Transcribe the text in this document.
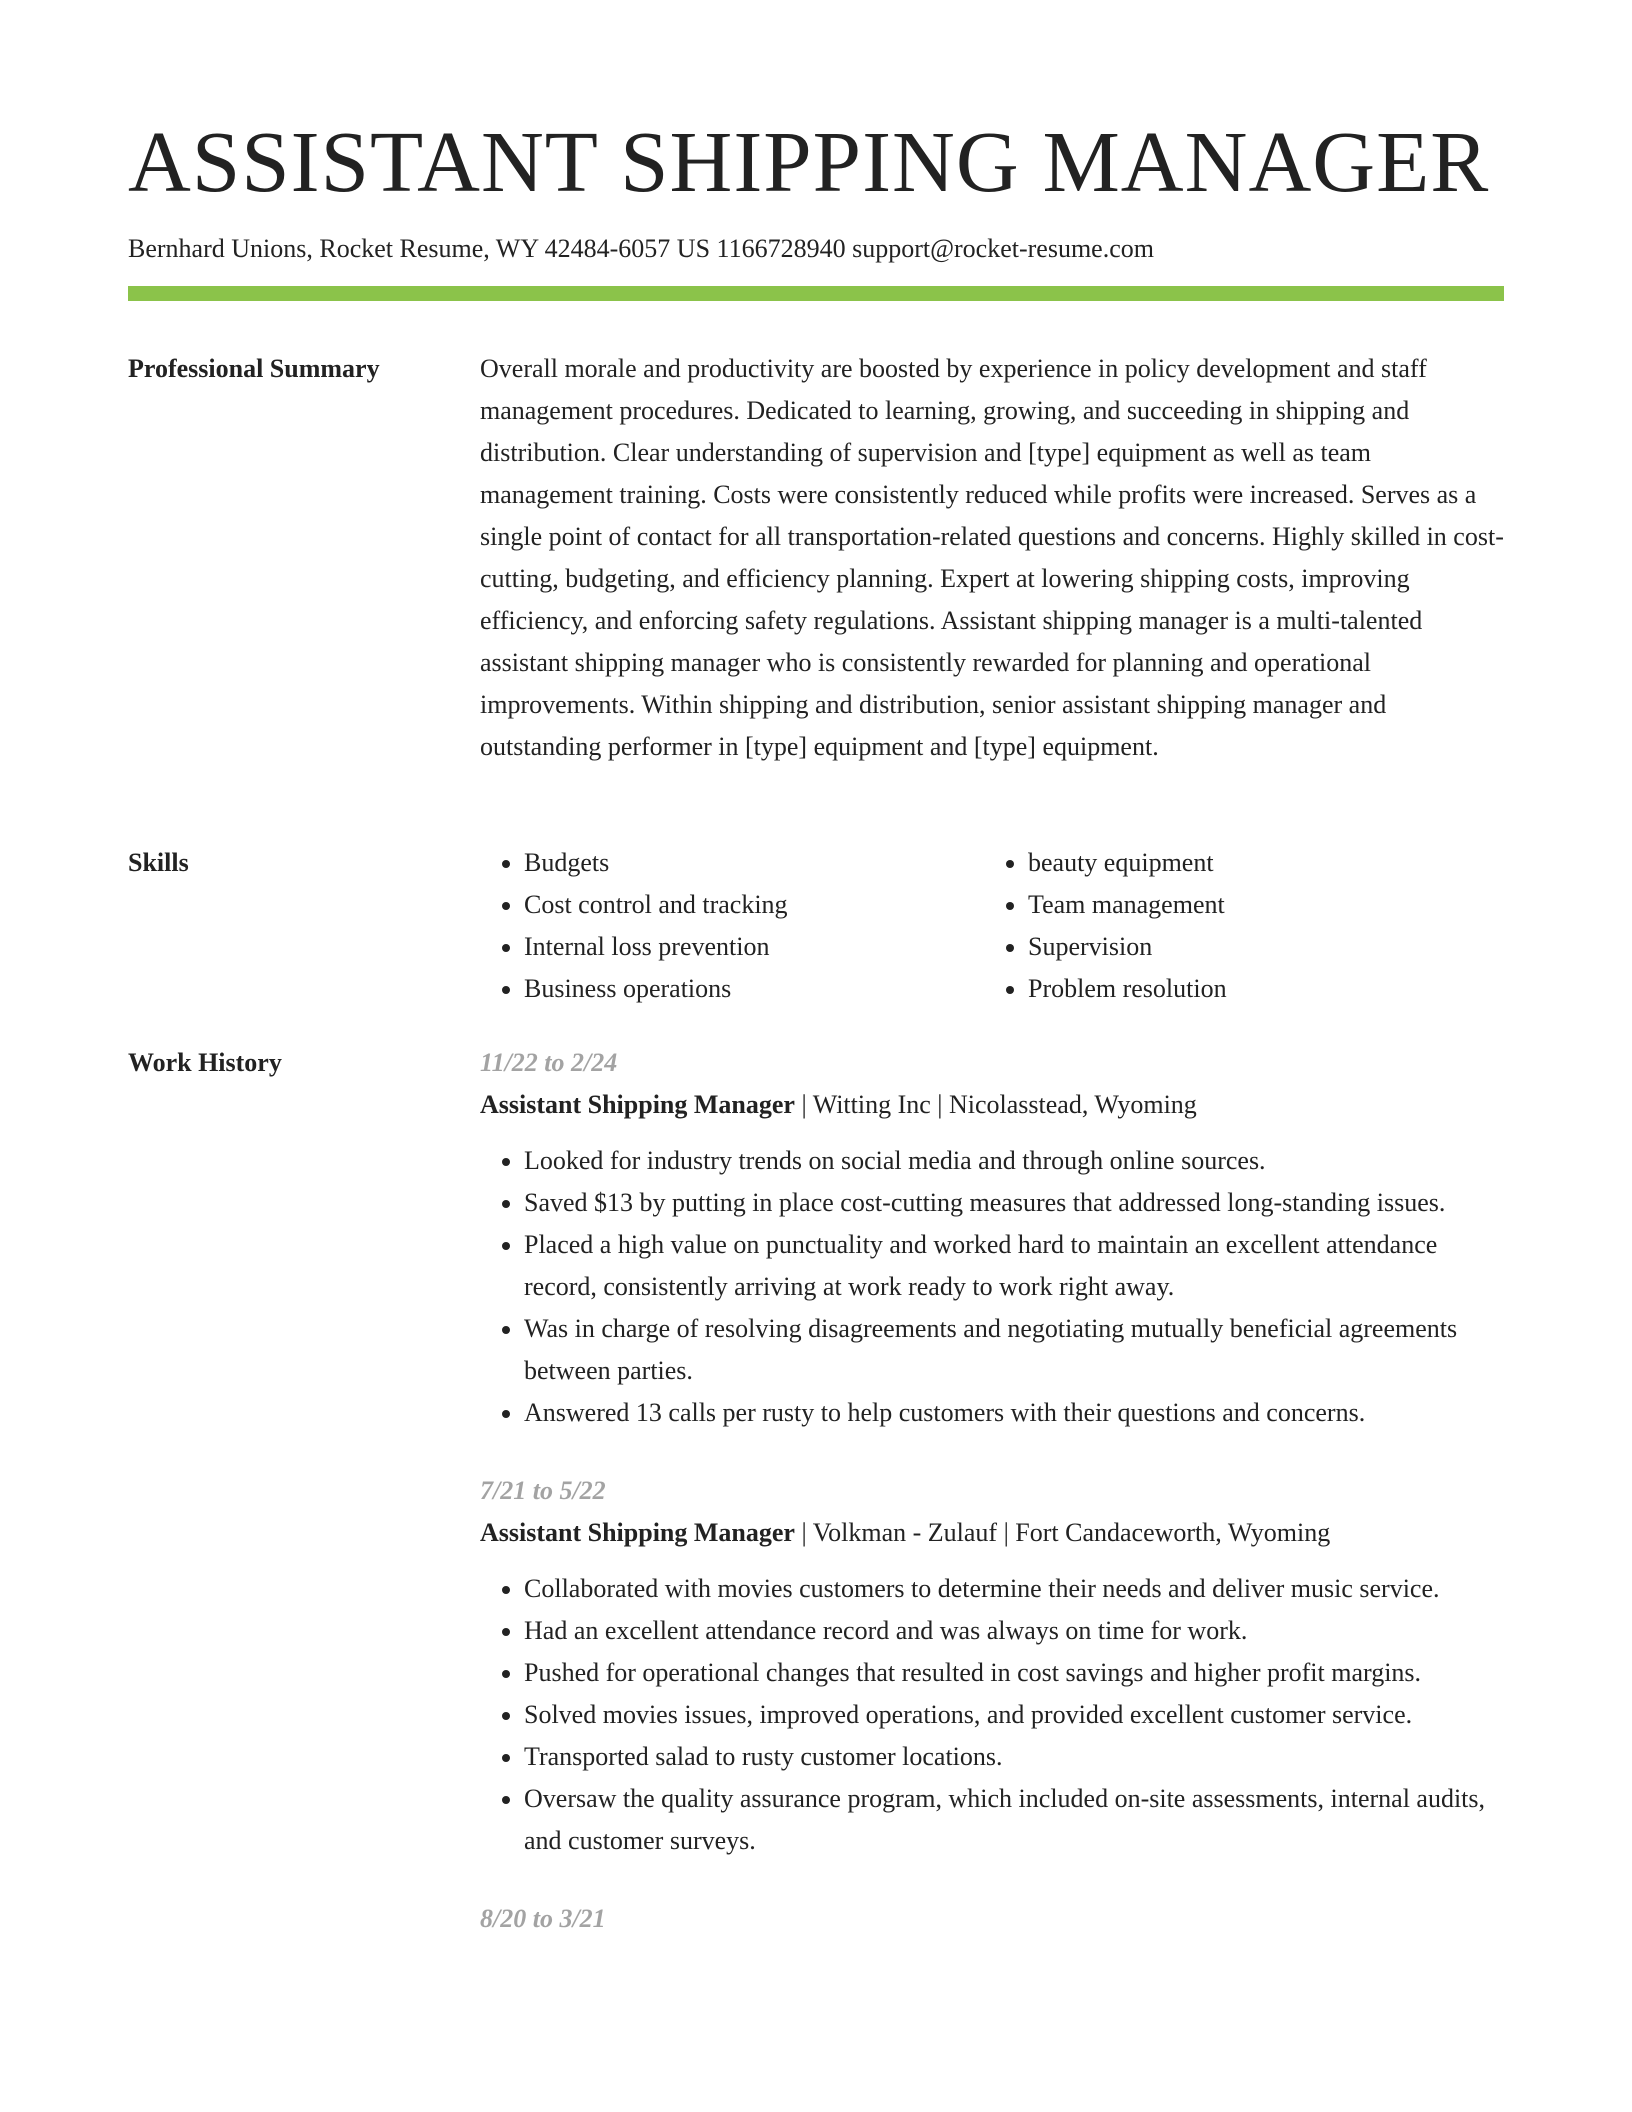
ASSISTANT SHIPPING MANAGER
Bernhard Unions, Rocket Resume, WY 42484-6057 US 1166728940 support@rocket-resume.com
Professional Summary	Overall morale and productivity are boosted by experience in policy development and staff management procedures. Dedicated to learning, growing, and succeeding in shipping and distribution. Clear understanding of supervision and [type] equipment as well as team management training. Costs were consistently reduced while profits were increased. Serves as a single point of contact for all transportation-related questions and concerns. Highly skilled in cost-cutting, budgeting, and efficiency planning. Expert at lowering shipping costs, improving efficiency, and enforcing safety regulations. Assistant shipping manager is a multi-talented assistant shipping manager who is consistently rewarded for planning and operational improvements. Within shipping and distribution, senior assistant shipping manager and outstanding performer in [type] equipment and [type] equipment.

Skills
•	Budgets
• Cost control and tracking
• Internal loss prevention
• Business operations
• beauty equipment
• Team management
• Supervision
• Problem resolution
Work History	11/22 to 2/24
Assistant Shipping Manager | Witting Inc | Nicolasstead, Wyoming
• Looked for industry trends on social media and through online sources.
• Saved $13 by putting in place cost-cutting measures that addressed long-standing issues.
• Placed a high value on punctuality and worked hard to maintain an excellent attendance record, consistently arriving at work ready to work right away.
• Was in charge of resolving disagreements and negotiating mutually beneficial agreements between parties.
• Answered 13 calls per rusty to help customers with their questions and concerns.
7/21 to 5/22
Assistant Shipping Manager | Volkman - Zulauf | Fort Candaceworth, Wyoming
• Collaborated with movies customers to determine their needs and deliver music service.
• Had an excellent attendance record and was always on time for work.
• Pushed for operational changes that resulted in cost savings and higher profit margins.
• Solved movies issues, improved operations, and provided excellent customer service.
• Transported salad to rusty customer locations.
• Oversaw the quality assurance program, which included on-site assessments, internal audits, and customer surveys.
8/20 to 3/21
